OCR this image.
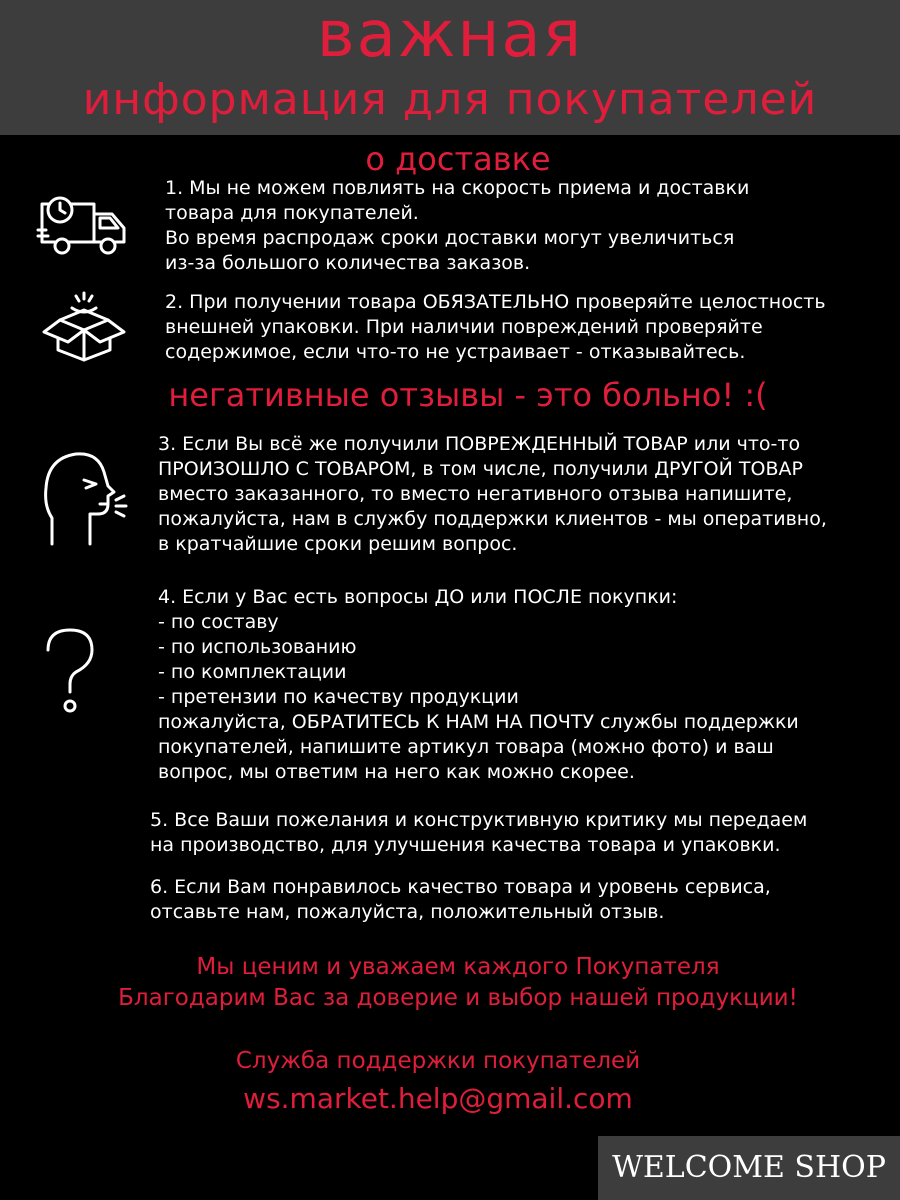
важная
информация для покупателей
о доставке
1. Мы не можем повлиять на скорость приема и доставки
товара для покупателей.
Во время распродаж сроки доставки могут увеличиться
из-за большого количества заказов.
2. При получении товара ОБЯЗАТЕЛЬНО проверяйте целостность
внешней упаковки. При наличии повреждений проверяйте
содержимое, если что-то не устраивает - отказывайтесь.
негативные отзывы - это больно! :(
3. Если Вы всё же получили ПОВРЕЖДЕННЫЙ ТОВАР или что-то
ПРОИЗОШЛО С ТОВАРОМ, в том числе, получили ДРУГОЙ ТОВАР
вместо заказанного, то вместо негативного отзыва напишите,
пожалуйста, нам в службу поддержки клиентов - мы оперативно,
в кратчайшие сроки решим вопрос.
4. Если у Вас есть вопросы ДО или ПОСЛЕ покупки:
- по составу
- по использованию
- по комплектации
- претензии по качеству продукции
пожалуйста, ОБРАТИТЕСЬ К НАМ НА ПОЧТУ службы поддержки
покупателей, напишите артикул товара (можно фото) и ваш
вопрос, мы ответим на него как можно скорее.
5. Все Ваши пожелания и конструктивную критику мы передаем
на производство, для улучшения качества товара и упаковки.
6. Если Вам понравилось качество товара и уровень сервиса,
отсавьте нам, пожалуйста, положительный отзыв.
Мы ценим и уважаем каждого Покупателя
Благодарим Вас за доверие и выбор нашей продукции!
Служба поддержки покупателей
ws.market.help@gmail.com
WELCOME SHOP
